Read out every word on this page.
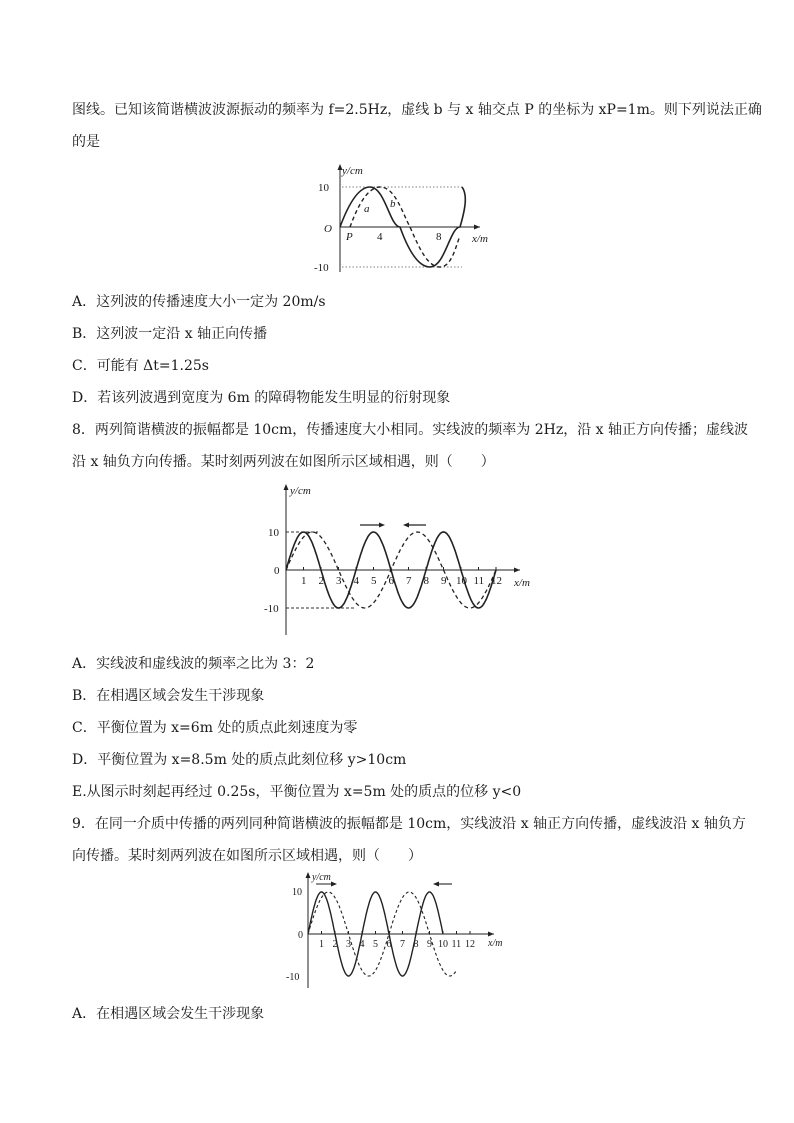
图线。已知该简谐横波波源振动的频率为 f=2.5Hz，虚线 b 与 x 轴交点 P 的坐标为 xP=1m。则下列说法正确
的是
y/cm
x/m
O
10
-10
4	8
P
a b
A．这列波的传播速度大小一定为 20m/s
B．这列波一定沿 x 轴正向传播
C．可能有 Δt=1.25s
D．若该列波遇到宽度为 6m 的障碍物能发生明显的衍射现象
8．两列简谐横波的振幅都是 10cm，传播速度大小相同。实线波的频率为 2Hz，沿 x 轴正方向传播；虚线波
沿 x 轴负方向传播。某时刻两列波在如图所示区域相遇，则（　　）
y/cm
x/m
0
10
-10
1 2 3 4 5 6 7 8 9 10 11 12
A．实线波和虚线波的频率之比为 3：2
B．在相遇区域会发生干涉现象
C．平衡位置为 x=6m 处的质点此刻速度为零
D．平衡位置为 x=8.5m 处的质点此刻位移 y>10cm
E.从图示时刻起再经过 0.25s，平衡位置为 x=5m 处的质点的位移 y<0
9．在同一介质中传播的两列同种简谐横波的振幅都是 10cm，实线波沿 x 轴正方向传播，虚线波沿 x 轴负方
向传播。某时刻两列波在如图所示区域相遇，则（　　）
y/cm
x/m
0
10
-10
1 2 3 4 5 6 7 8 9 10 11 12
A．在相遇区域会发生干涉现象
